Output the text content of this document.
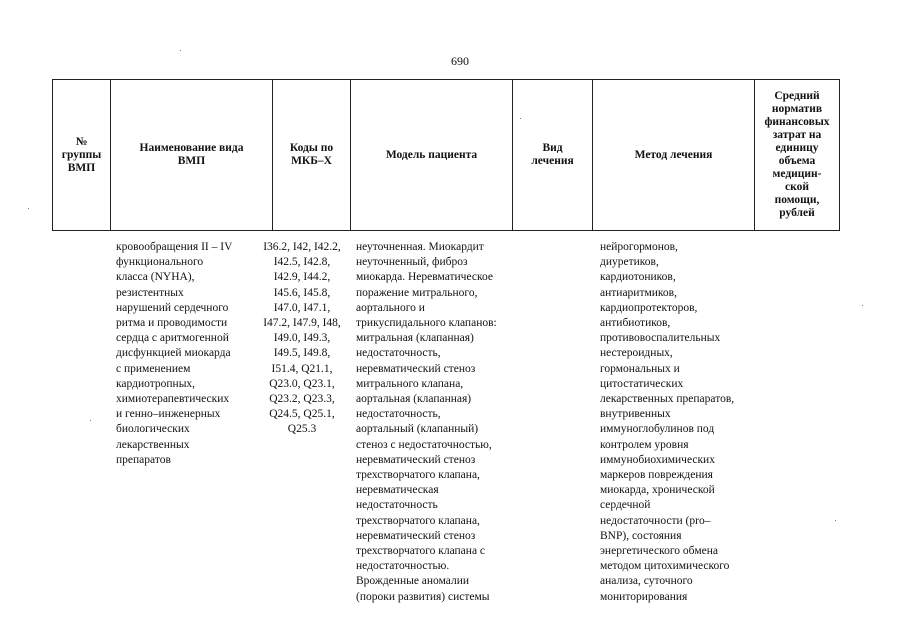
690
№
группы
ВМП
Наименование вида
ВМП
Коды по
МКБ–Х
Модель пациента
Вид
лечения
Метод лечения
Средний
норматив
финансовых
затрат на
единицу
объема
медицин-
ской
помощи,
рублей
кровообращения II – IV
функционального
класса (NYHA),
резистентных
нарушений сердечного
ритма и проводимости
сердца с аритмогенной
дисфункцией миокарда
с применением
кардиотропных,
химиотерапевтических
и генно–инженерных
биологических
лекарственных
препаратов
I36.2, I42, I42.2,
I42.5, I42.8,
I42.9, I44.2,
I45.6, I45.8,
I47.0, I47.1,
I47.2, I47.9, I48,
I49.0, I49.3,
I49.5, I49.8,
I51.4, Q21.1,
Q23.0, Q23.1,
Q23.2, Q23.3,
Q24.5, Q25.1,
Q25.3
неуточненная. Миокардит
неуточненный, фиброз
миокарда. Неревматическое
поражение митрального,
аортального и
трикуспидального клапанов:
митральная (клапанная)
недостаточность,
неревматический стеноз
митрального клапана,
аортальная (клапанная)
недостаточность,
аортальный (клапанный)
стеноз с недостаточностью,
неревматический стеноз
трехстворчатого клапана,
неревматическая
недостаточность
трехстворчатого клапана,
неревматический стеноз
трехстворчатого клапана с
недостаточностью.
Врожденные аномалии
(пороки развития) системы
нейрогормонов,
диуретиков,
кардиотоников,
антиаритмиков,
кардиопротекторов,
антибиотиков,
противовоспалительных
нестероидных,
гормональных и
цитостатических
лекарственных препаратов,
внутривенных
иммуноглобулинов под
контролем уровня
иммунобиохимических
маркеров повреждения
миокарда, хронической
сердечной
недостаточности (pro–
BNP), состояния
энергетического обмена
методом цитохимического
анализа, суточного
мониторирования
